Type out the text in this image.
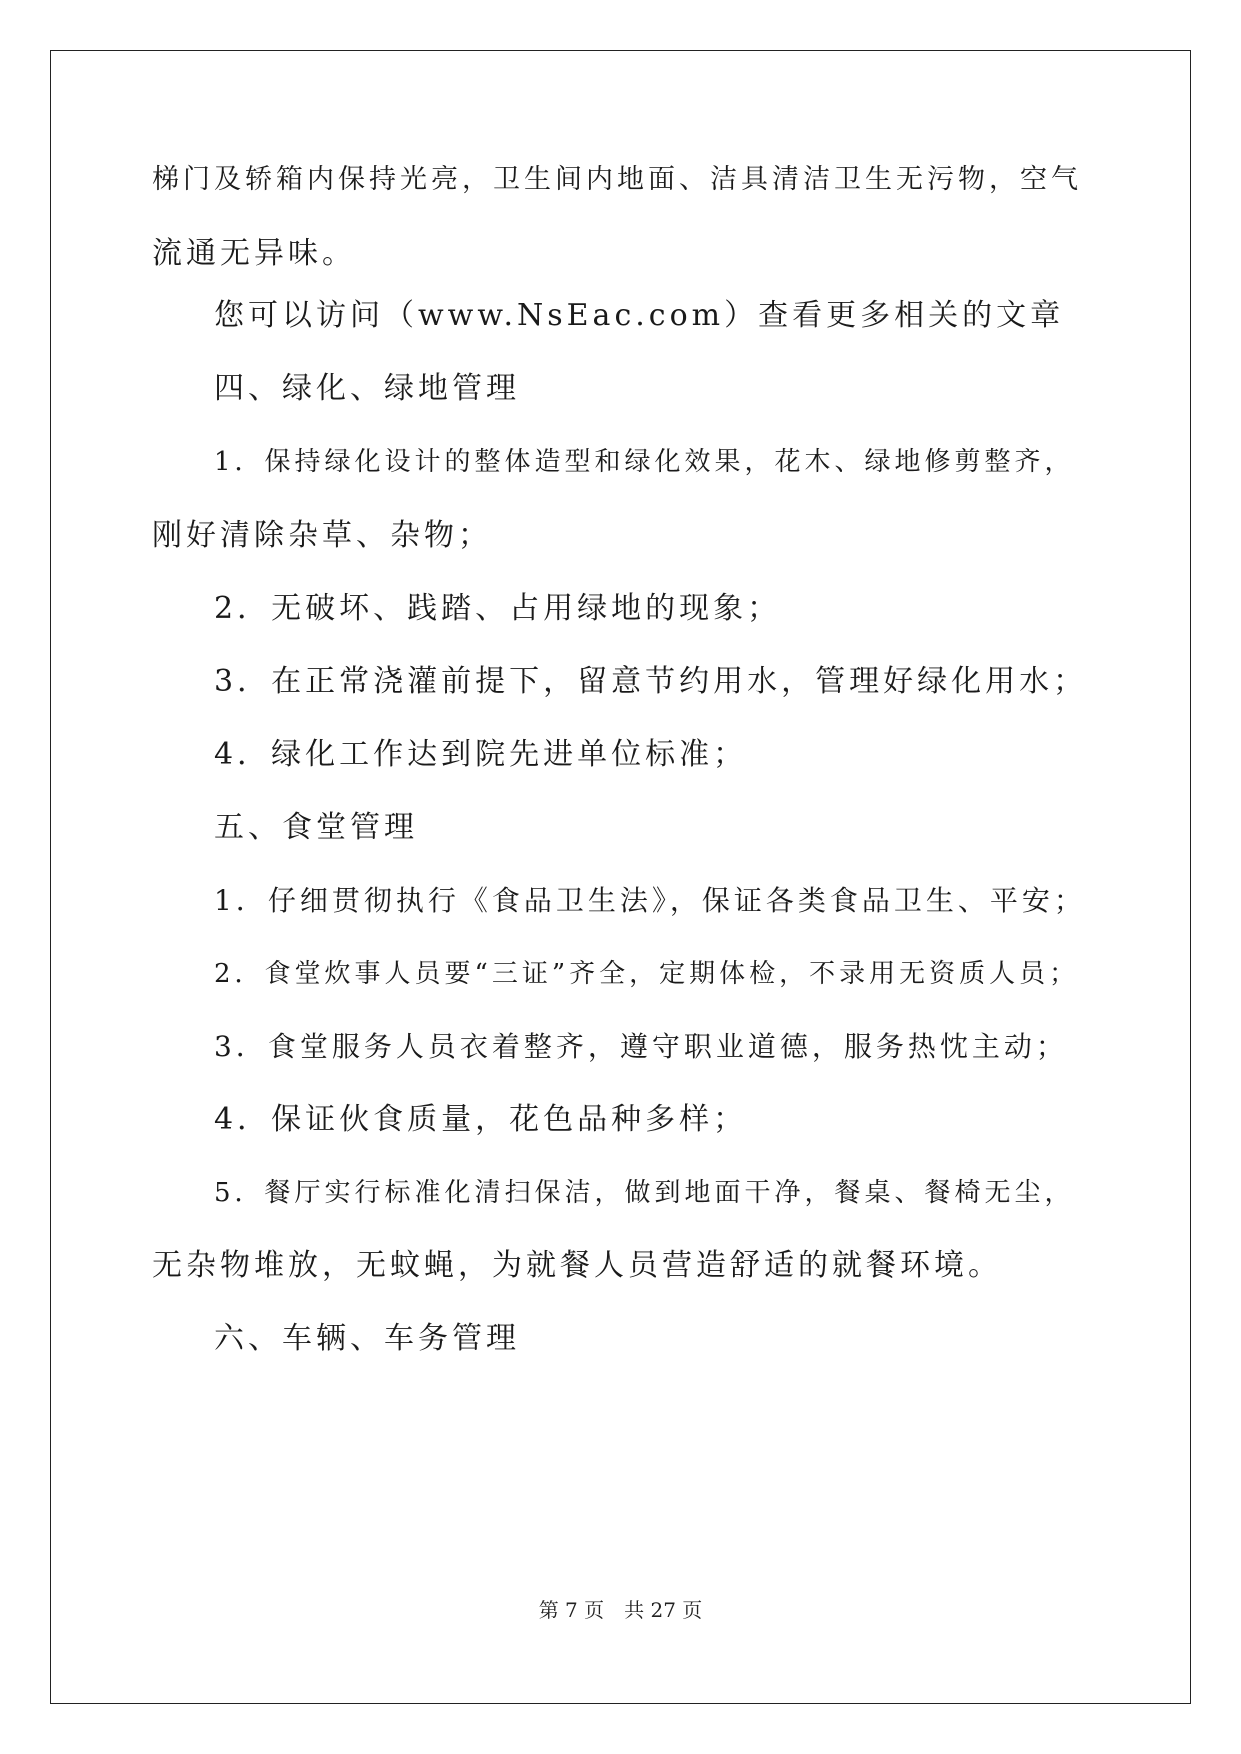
梯门及轿箱内保持光亮，卫生间内地面、洁具清洁卫生无污物，空气
流通无异味。
您可以访问（www.NsEac.com）查看更多相关的文章
四、绿化、绿地管理
1．保持绿化设计的整体造型和绿化效果，花木、绿地修剪整齐，
刚好清除杂草、杂物；
2．无破坏、践踏、占用绿地的现象；
3．在正常浇灌前提下，留意节约用水，管理好绿化用水；
4．绿化工作达到院先进单位标准；
五、食堂管理
1．仔细贯彻执行《食品卫生法》，保证各类食品卫生、平安；
2．食堂炊事人员要“三证”齐全，定期体检，不录用无资质人员；
3．食堂服务人员衣着整齐，遵守职业道德，服务热忱主动；
4．保证伙食质量，花色品种多样；
5．餐厅实行标准化清扫保洁，做到地面干净，餐桌、餐椅无尘，
无杂物堆放，无蚊蝇，为就餐人员营造舒适的就餐环境。
六、车辆、车务管理
第 7 页　共 27 页
